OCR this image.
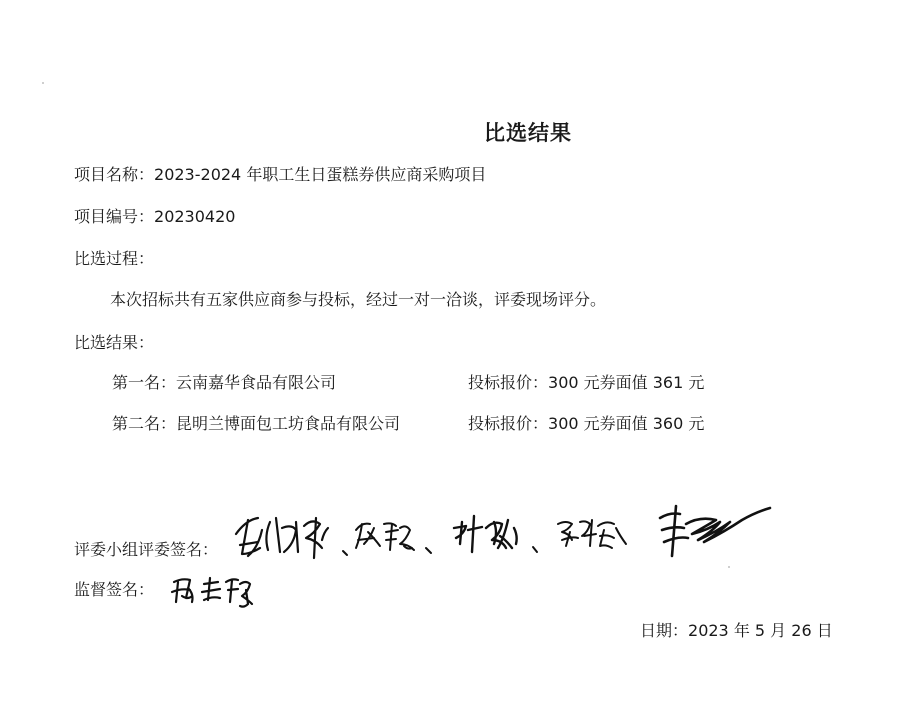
比选结果
项目名称：2023-2024 年职工生日蛋糕券供应商采购项目
项目编号：20230420
比选过程：
本次招标共有五家供应商参与投标，经过一对一洽谈，评委现场评分。
比选结果：
第一名：云南嘉华食品有限公司	投标报价：300 元券面值 361 元
第二名：昆明兰博面包工坊食品有限公司	投标报价：300 元券面值 360 元
评委小组评委签名：
监督签名：
日期：2023 年 5 月 26 日
